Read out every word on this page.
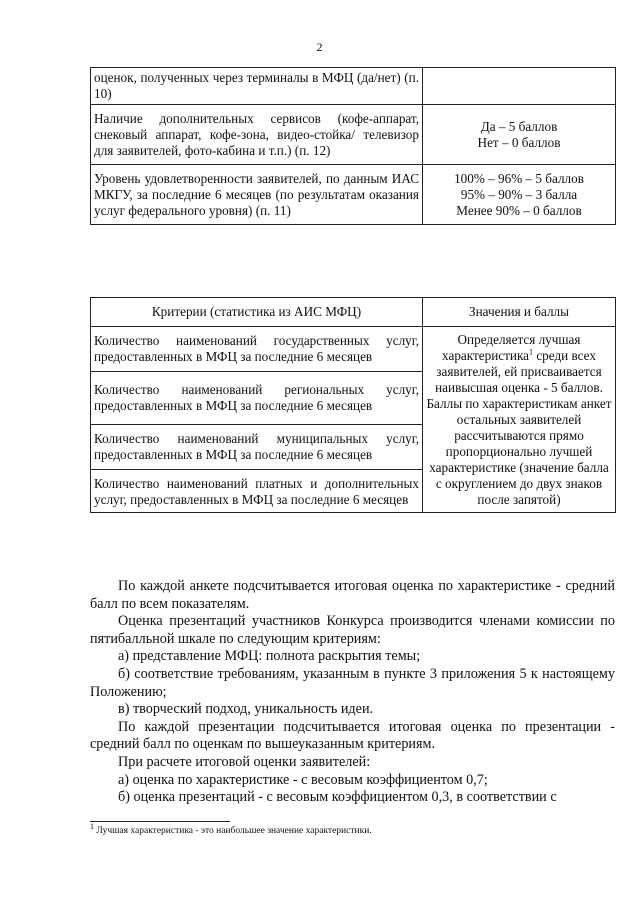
2
оценок, полученных через терминалы в МФЦ (да/нет) (п. 10)	
Наличие дополнительных сервисов (кофе-аппарат, снековый аппарат, кофе-зона, видео-стойка/ телевизор для заявителей, фото-кабина и т.п.) (п. 12)	Да – 5 баллов
Нет – 0 баллов

Уровень удовлетворенности заявителей, по данным ИАС МКГУ, за последние 6 месяцев (по результатам оказания услуг федерального уровня) (п. 11)	100% – 96% – 5 баллов
95% – 90% – 3 балла
Менее 90% – 0 баллов
Критерии (статистика из АИС МФЦ)	Значения и баллы
Количество наименований государственных услуг, предоставленных в МФЦ за последние 6 месяцев	Определяется лучшая характеристика$^1$ среди всех заявителей, ей присваивается наивысшая оценка - 5 баллов. Баллы по характеристикам анкет остальных заявителей рассчитываются прямо пропорционально лучшей характеристике (значение балла с округлением до двух знаков после запятой)
Количество наименований региональных услуг, предоставленных в МФЦ за последние 6 месяцев	
Количество наименований муниципальных услуг, предоставленных в МФЦ за последние 6 месяцев	
Количество наименований платных и дополнительных услуг, предоставленных в МФЦ за последние 6 месяцев	

По каждой анкете подсчитывается итоговая оценка по характеристике - средний балл по всем показателям.

Оценка презентаций участников Конкурса производится членами комиссии по пятибалльной шкале по следующим критериям:

а) представление МФЦ: полнота раскрытия темы;

б) соответствие требованиям, указанным в пункте 3 приложения 5 к настоящему Положению;

в) творческий подход, уникальность идеи.

По каждой презентации подсчитывается итоговая оценка по презентации - средний балл по оценкам по вышеуказанным критериям.

При расчете итоговой оценки заявителей:

а) оценка по характеристике - с весовым коэффициентом 0,7;

б) оценка презентаций - с весовым коэффициентом 0,3, в соответствии с

$^1$ Лучшая характеристика - это наибольшее значение характеристики.
